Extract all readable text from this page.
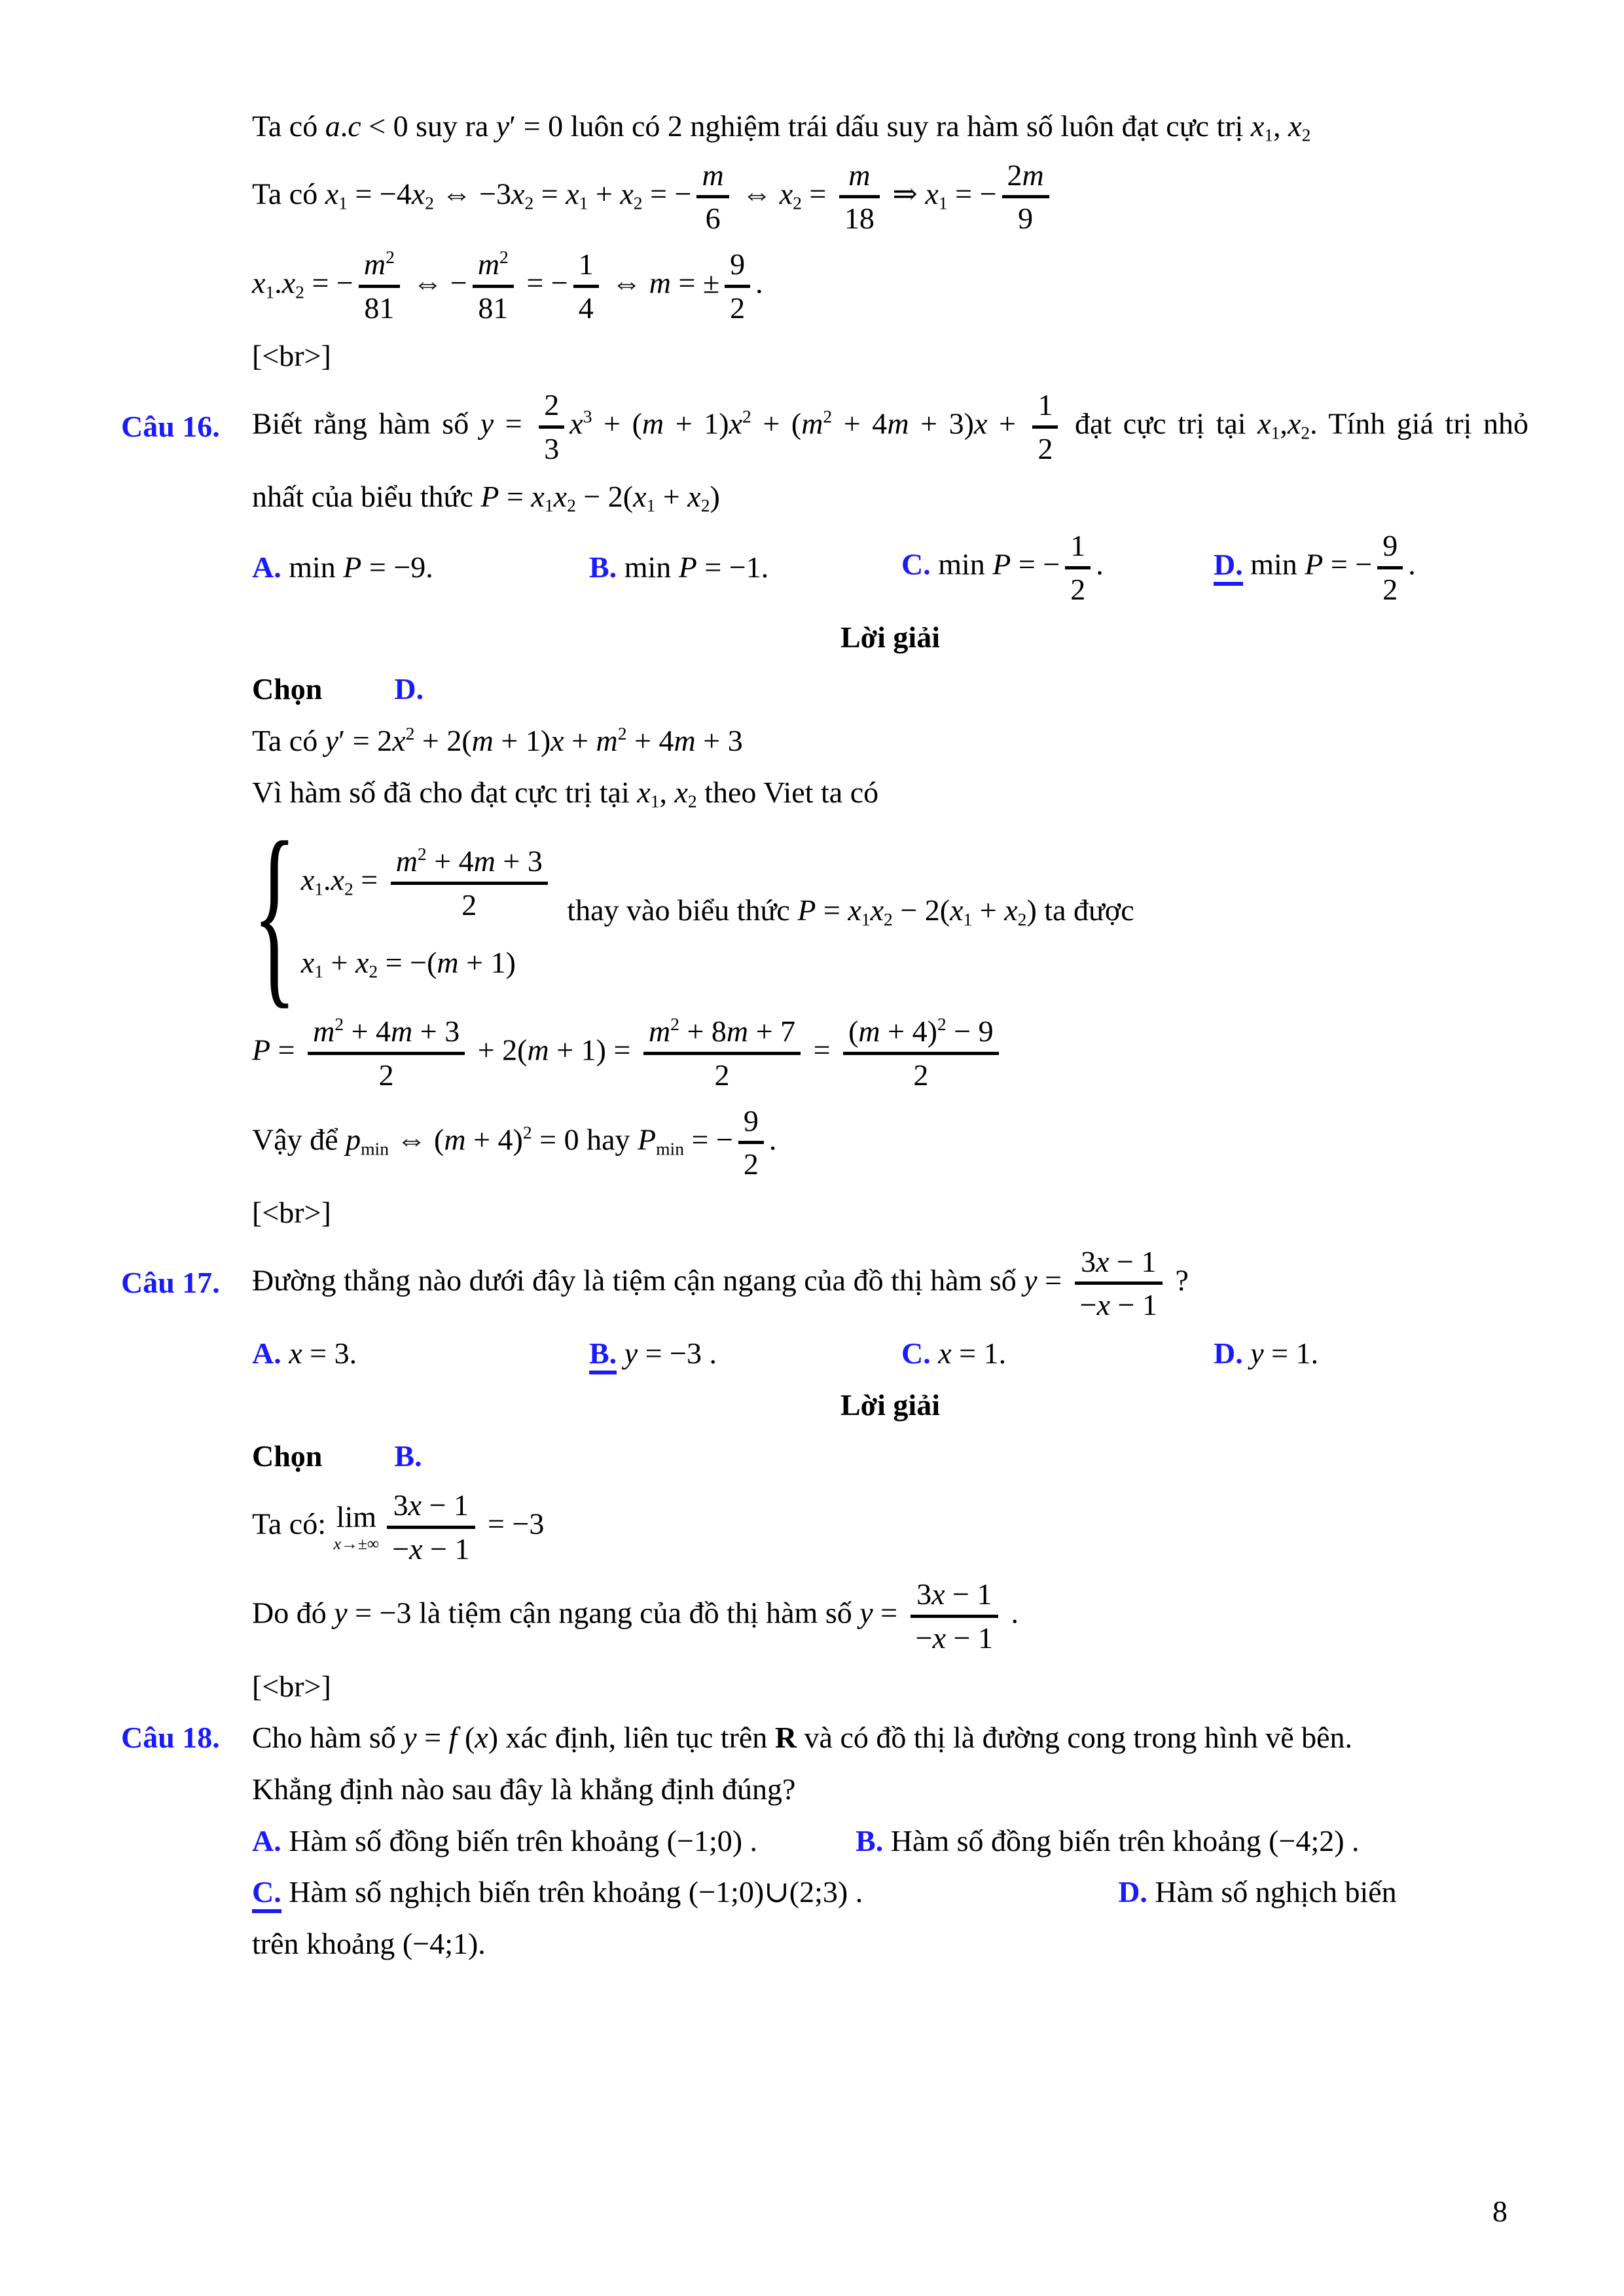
Ta có a.c < 0 suy ra y′ = 0 luôn có 2 nghiệm trái dấu suy ra hàm số luôn đạt cực trị $x_1$, $x_2$
Ta có $x_1 = -4x_2$ ⇔ $-3x_2 = x_1 + x_2$ = − $\frac{m}{6}$ ⇔ $x_2 = \frac{m}{18}$ ⇒ $x_1$ = − $\frac{2m}{9}$
$x_1.x_2$ = − $\frac{m^2}{81}$ ⇔ − $\frac{m^2}{81}$ = − $\frac{1}{4}$ ⇔ m = ± $\frac{9}{2}$ .
[<br>]
Câu 16.	Biết rằng hàm số $y = \frac{2}{3} x^3 + (m + 1)x^2 + (m^2 + 4m + 3)x + \frac{1}{2}$ đạt cực trị tại $x_1,x_2$. Tính giá trị nhỏ
nhất của biểu thức $P = x_1x_2 - 2(x_1 + x_2)$
A. min P = −9.	B. min P = −1.	C. min P = − $\frac{1}{2}$ .	D. min P = − $\frac{9}{2}$ .
Lời giải
Chọn D.
Ta có $y' = 2x^2 + 2(m + 1)x + m^2 + 4m + 3$
Vì hàm số đã cho đạt cực trị tại $x_1$, $x_2$ theo Viet ta có
{ $x_1.x_2 = \frac{m^2 + 4m + 3}{2}$
$x_1 + x_2 = -(m + 1)$
thay vào biểu thức $P = x_1x_2 - 2(x_1 + x_2)$ ta được
$P = \frac{m^2 + 4m + 3}{2} + 2(m + 1) = \frac{m^2 + 8m + 7}{2} = \frac{(m + 4)^2 - 9}{2}$
Vậy để $p_{min}$ ⇔ $(m + 4)^2 = 0$ hay $P_{min}$ = − $\frac{9}{2}$ .
[<br>]
Câu 17.	Đường thẳng nào dưới đây là tiệm cận ngang của đồ thị hàm số $y = \frac{3x - 1}{-x - 1}$ ?
A. x = 3.	B. y = −3 .	C. x = 1.	D. y = 1.
Lời giải
Chọn B.
Ta có: lim
$x\to\pm\infty \frac{3x - 1}{-x - 1} = -3$
Do đó y = −3 là tiệm cận ngang của đồ thị hàm số $y = \frac{3x - 1}{-x - 1}$ .
[<br>]
Câu 18.	Cho hàm số y = f (x) xác định, liên tục trên R và có đồ thị là đường cong trong hình vẽ bên.
Khẳng định nào sau đây là khẳng định đúng?
A. Hàm số đồng biến trên khoảng (−1;0) .	B. Hàm số đồng biến trên khoảng (−4;2) .
C. Hàm số nghịch biến trên khoảng (−1;0)∪(2;3) .	D. Hàm số nghịch biến
trên khoảng (−4;1).
8
